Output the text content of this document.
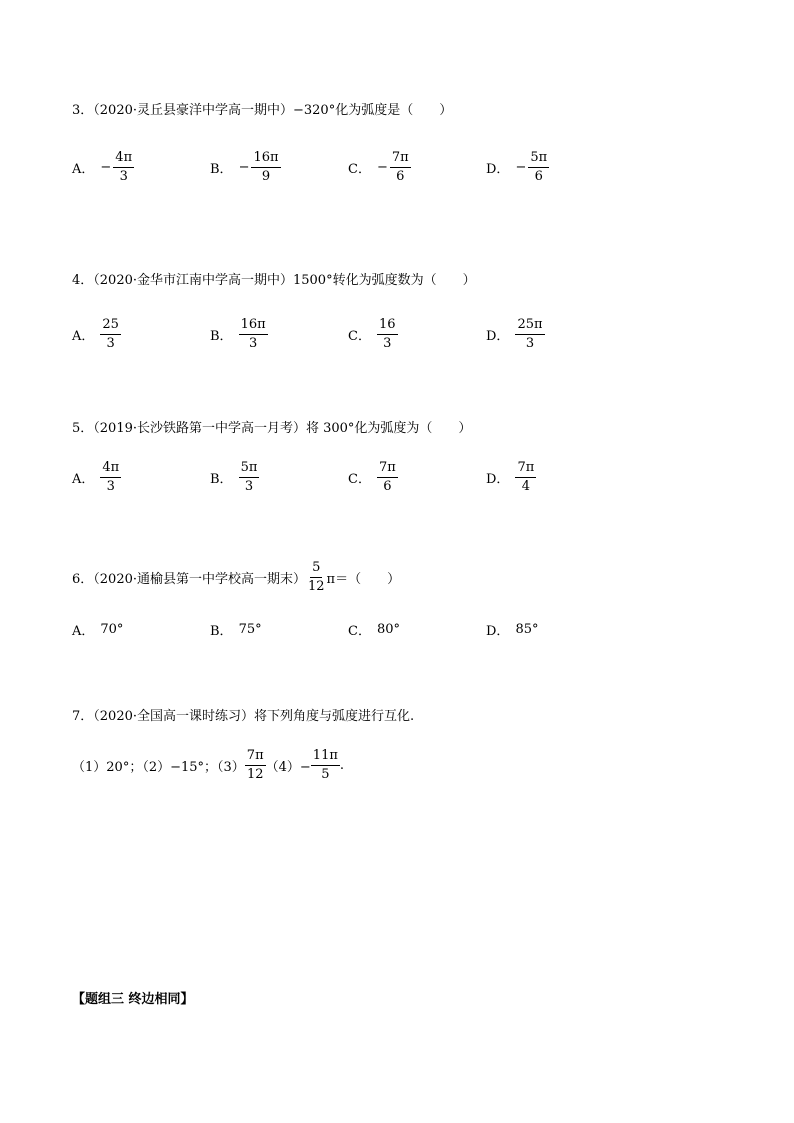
3．（2020·灵丘县豪洋中学高一期中）−320°化为弧度是（　　）
A． − $\frac{4\pi}{3}$	B． − $\frac{16\pi}{9}$	C． − $\frac{7\pi}{6}$	D． − $\frac{5\pi}{6}$
4．（2020·金华市江南中学高一期中）1500°转化为弧度数为（　　）
A． $\frac{25}{3}$	B． $\frac{16\pi}{3}$	C． $\frac{16}{3}$	D． $\frac{25\pi}{3}$
5．（2019·长沙铁路第一中学高一月考）将 300°化为弧度为（　　）
A． $\frac{4\pi}{3}$	B． $\frac{5\pi}{3}$	C． $\frac{7\pi}{6}$	D． $\frac{7\pi}{4}$
6．（2020·通榆县第一中学校高一期末） $\frac{5}{12} \pi=$（　　）
A． 70°	B． 75°	C． 80°	D． 85°
7．（2020·全国高一课时练习）将下列角度与弧度进行互化.
（1）20°；（2）−15°；$(3) \frac{7\pi}{12} (4)- \frac{11\pi}{5}$ .
【题组三 终边相同】
